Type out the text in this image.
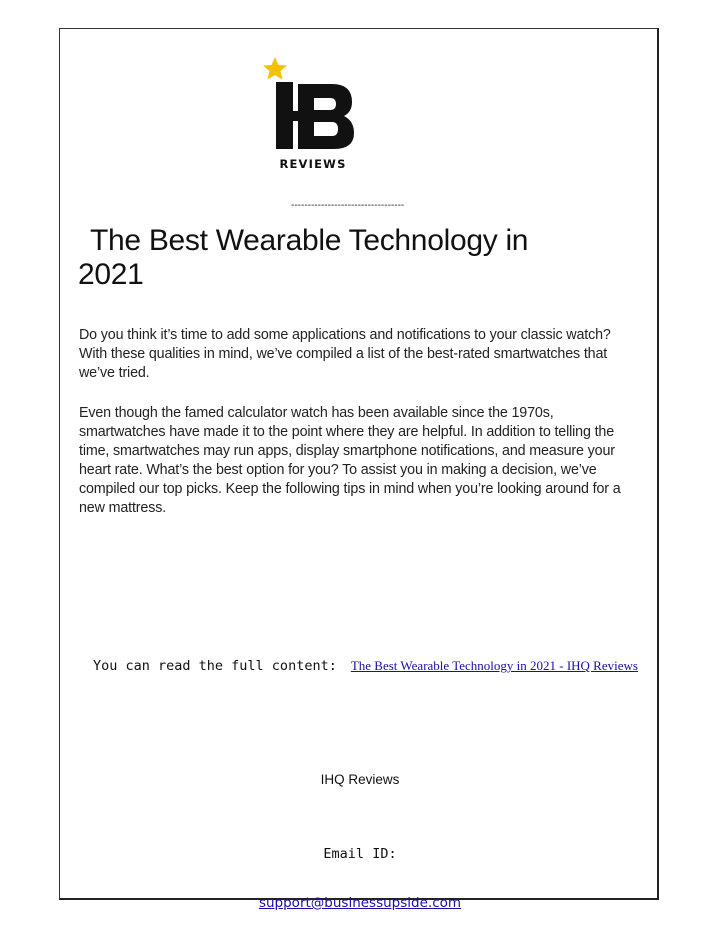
REVIEWS
----------------------------------
The Best Wearable Technology in
2021

Do you think it’s time to add some applications and notifications to your classic watch? With these qualities in mind, we’ve compiled a list of the best-rated smartwatches that we’ve tried.

Even though the famed calculator watch has been available since the 1970s, smartwatches have made it to the point where they are helpful. In addition to telling the time, smartwatches may run apps, display smartphone notifications, and measure your heart rate. What’s the best option for you? To assist you in making a decision, we’ve compiled our top picks. Keep the following tips in mind when you’re looking around for a new mattress.

You can read the full content: The Best Wearable Technology in 2021 - IHQ Reviews
IHQ Reviews
Email ID:
support@businessupside.com
